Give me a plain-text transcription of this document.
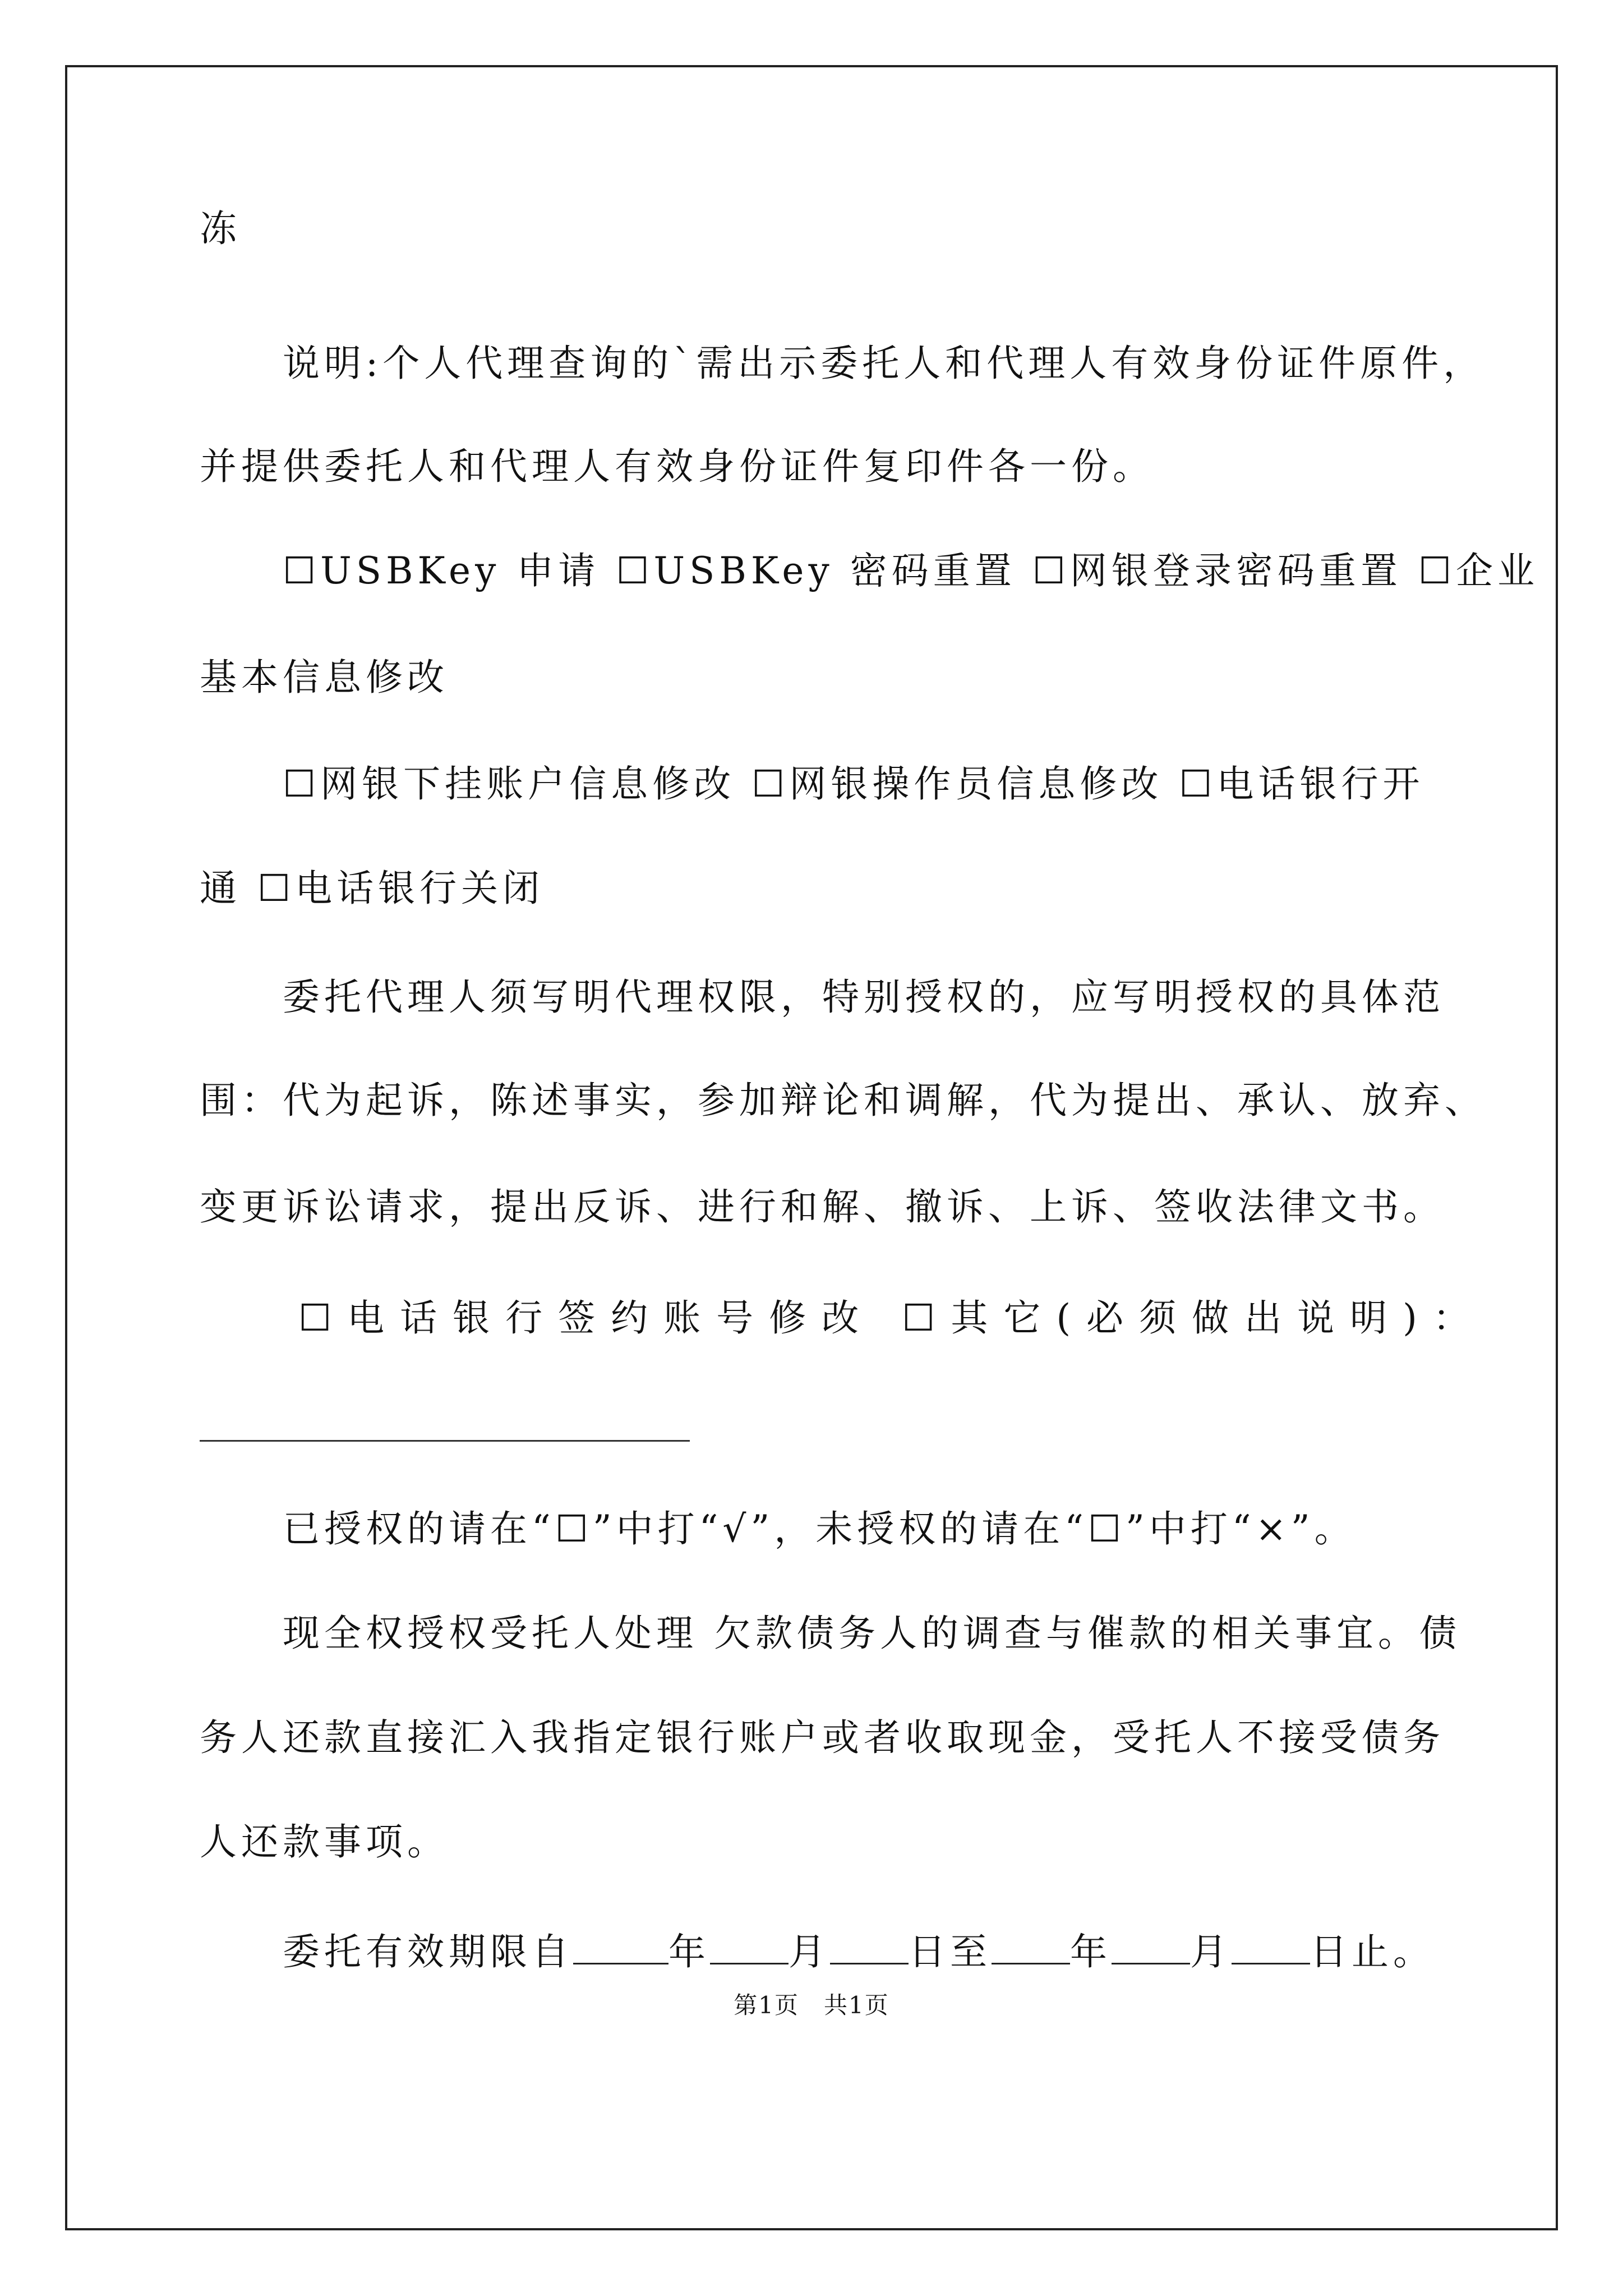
冻
说明:个人代理查询的`需出示委托人和代理人有效身份证件原件，
并提供委托人和代理人有效身份证件复印件各一份。
☐USBKey 申请 ☐USBKey 密码重置 ☐网银登录密码重置 ☐企业
基本信息修改
☐网银下挂账户信息修改 ☐网银操作员信息修改 ☐电话银行开
通 ☐电话银行关闭
委托代理人须写明代理权限，特别授权的，应写明授权的具体范
围：代为起诉，陈述事实，参加辩论和调解，代为提出、承认、放弃、
变更诉讼请求，提出反诉、进行和解、撤诉、上诉、签收法律文书。
☐电话银行签约账号修改 ☐其它(必须做出说明)：
已授权的请在“☐”中打“√”，未授权的请在“☐”中打“×”。
现全权授权受托人处理 欠款债务人的调查与催款的相关事宜。债
务人还款直接汇入我指定银行账户或者收取现金，受托人不接受债务
人还款事项。
委托有效期限自	年 月 日至 年 月 日止。
第1页　共1页
